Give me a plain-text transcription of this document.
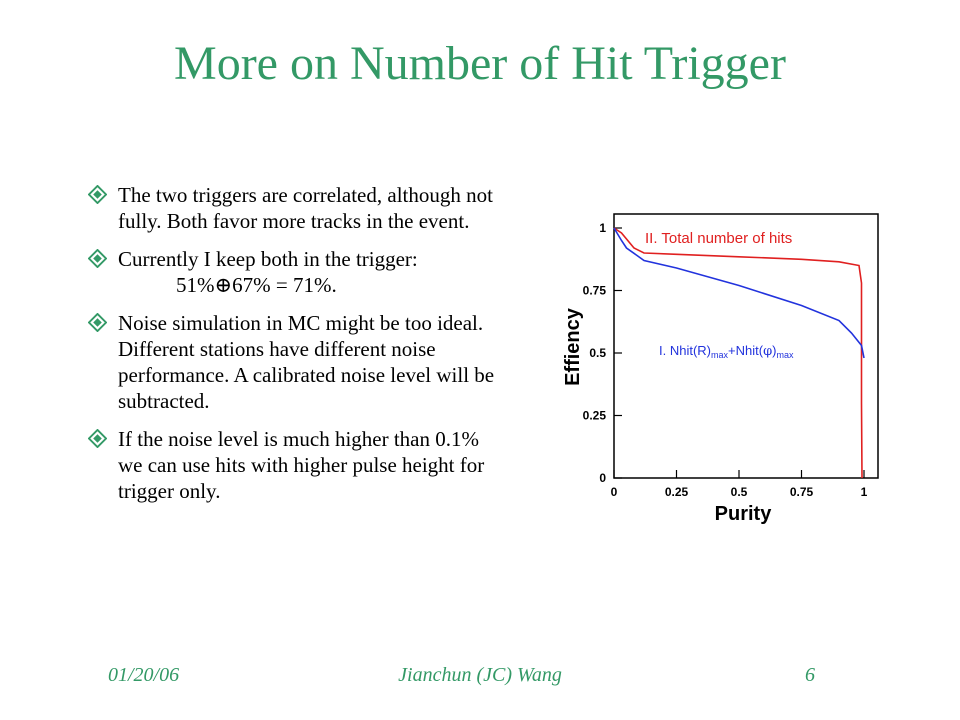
More on Number of Hit Trigger
The two triggers are correlated, although not
fully. Both favor more tracks in the event.
Currently I keep both in the trigger:
51%⊕67% = 71%.
Noise simulation in MC might be too ideal.
Different stations have different noise
performance. A calibrated noise level will be
subtracted.
If the noise level is much higher than 0.1%
we can use hits with higher pulse height for
trigger only.	0	0.25	0.5	0.75	1
0
0.25
0.5
0.75
1
II. Total number of hits
I. $Nhit(R)_{max}+Nhit(\varphi)_{max}$
Purity
Effiency
01/20/06	Jianchun (JC) Wang	6
